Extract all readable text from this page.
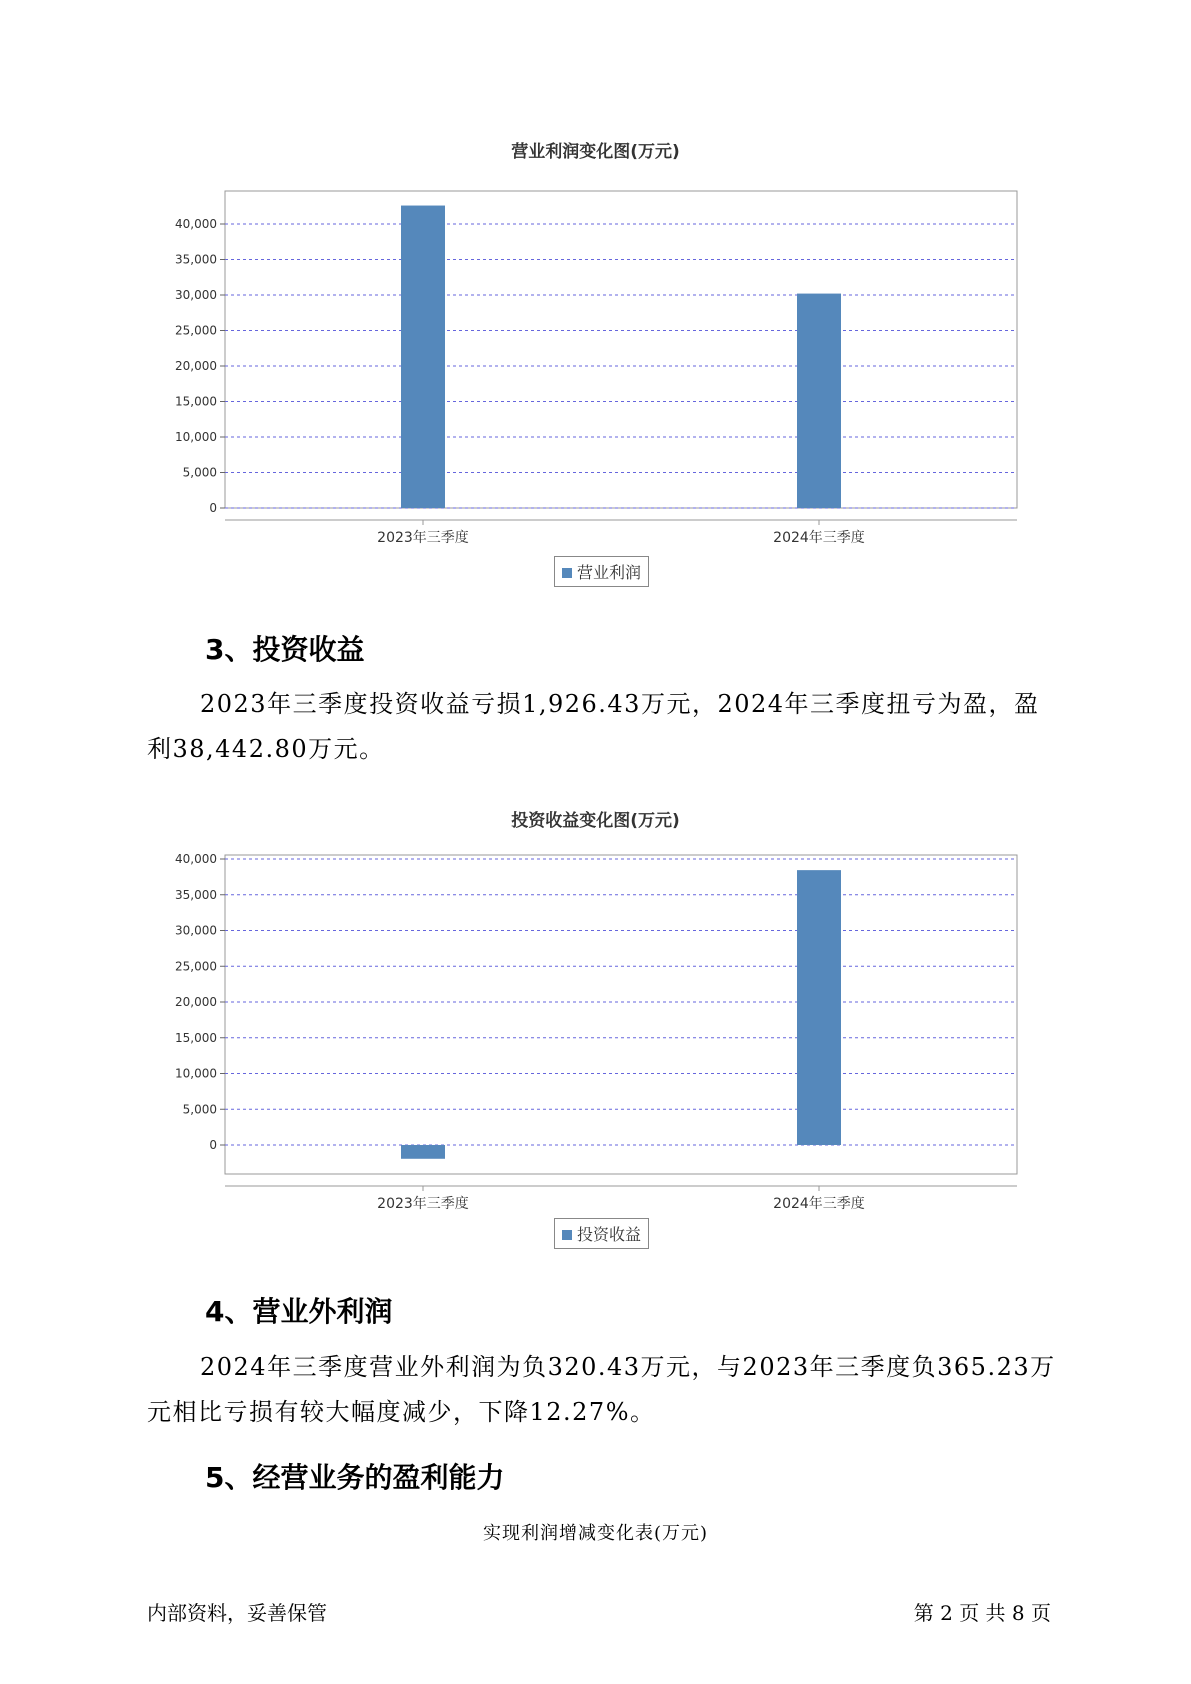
营业利润变化图(万元)
0
5,000
10,000
15,000
20,000
25,000
30,000
35,000
40,000
2023年三季度	2024年三季度
营业利润
3、投资收益
2023年三季度投资收益亏损1,926.43万元，2024年三季度扭亏为盈，盈利38,442.80万元。
投资收益变化图(万元)
0
5,000
10,000
15,000
20,000
25,000
30,000
35,000
40,000
2023年三季度	2024年三季度
投资收益
4、营业外利润
2024年三季度营业外利润为负320.43万元，与2023年三季度负365.23万元相比亏损有较大幅度减少，下降12.27%。
5、经营业务的盈利能力
实现利润增减变化表(万元)
内部资料，妥善保管	第 2 页 共 8 页
